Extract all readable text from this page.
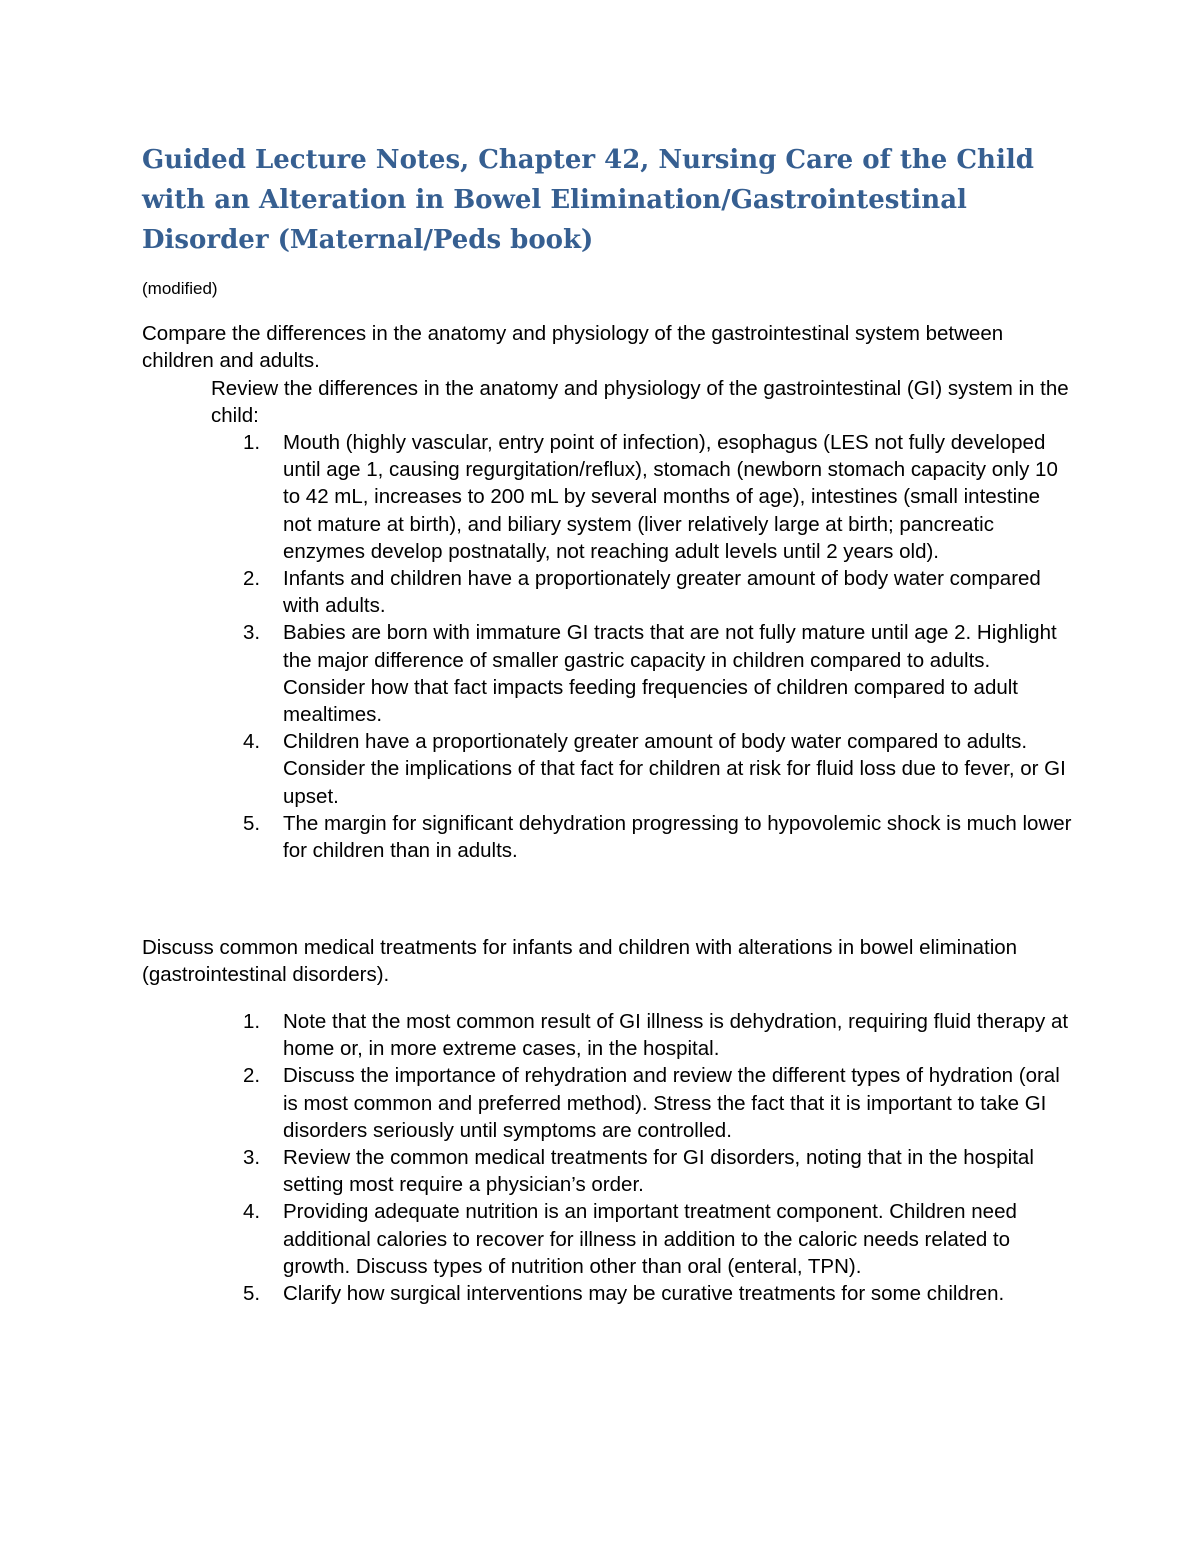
Guided Lecture Notes, Chapter 42, Nursing Care of the Child with an Alteration in Bowel Elimination/Gastrointestinal Disorder (Maternal/Peds book)
(modified)

Compare the differences in the anatomy and physiology of the gastrointestinal system between children and adults.

Review the differences in the anatomy and physiology of the gastrointestinal (GI) system in the child:

1. Mouth (highly vascular, entry point of infection), esophagus (LES not fully developed until age 1, causing regurgitation/reflux), stomach (newborn stomach capacity only 10 to 42 mL, increases to 200 mL by several months of age), intestines (small intestine not mature at birth), and biliary system (liver relatively large at birth; pancreatic enzymes develop postnatally, not reaching adult levels until 2 years old).
2. Infants and children have a proportionately greater amount of body water compared with adults.
3. Babies are born with immature GI tracts that are not fully mature until age 2. Highlight the major difference of smaller gastric capacity in children compared to adults. Consider how that fact impacts feeding frequencies of children compared to adult mealtimes.
4. Children have a proportionately greater amount of body water compared to adults. Consider the implications of that fact for children at risk for fluid loss due to fever, or GI upset.
5. The margin for significant dehydration progressing to hypovolemic shock is much lower for children than in adults.

Discuss common medical treatments for infants and children with alterations in bowel elimination (gastrointestinal disorders).

1. Note that the most common result of GI illness is dehydration, requiring fluid therapy at home or, in more extreme cases, in the hospital.
2. Discuss the importance of rehydration and review the different types of hydration (oral is most common and preferred method). Stress the fact that it is important to take GI disorders seriously until symptoms are controlled.
3. Review the common medical treatments for GI disorders, noting that in the hospital setting most require a physician’s order.
4. Providing adequate nutrition is an important treatment component. Children need additional calories to recover for illness in addition to the caloric needs related to growth. Discuss types of nutrition other than oral (enteral, TPN).
5. Clarify how surgical interventions may be curative treatments for some children.
